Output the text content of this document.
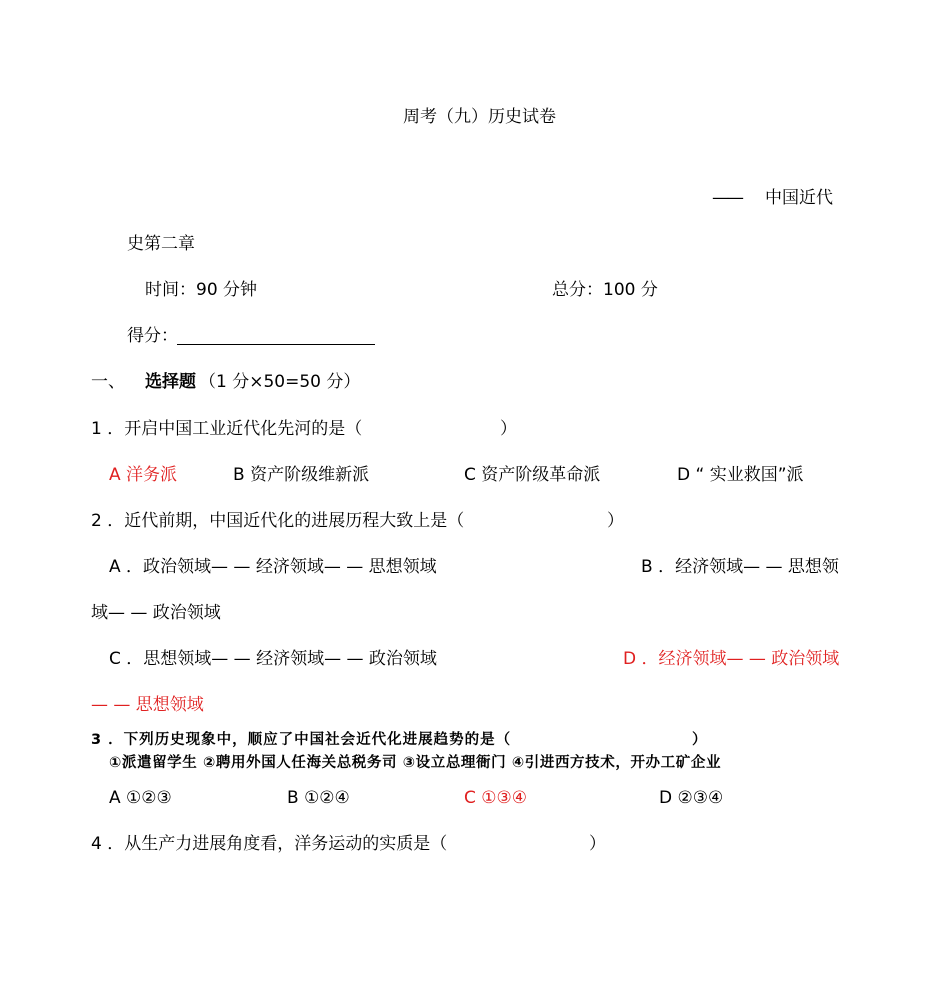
周考（九）历史试卷
—— 中国近代
史第二章
时间：90 分钟	总分：100 分
得分：
一、 选择题 （1 分×50=50 分）
1 ．开启中国工业近代化先河的是（	）
A 洋务派	B 资产阶级维新派	C 资产阶级革命派	D “ 实业救国”派
2 ．近代前期，中国近代化的进展历程大致上是（	）
A ．政治领域— — 经济领域— — 思想领域	B ．经济领域— — 思想领
域— — 政治领域
C ．思想领域— — 经济领域— — 政治领域	D ．经济领域— — 政治领域
— — 思想领域
3 ．下列历史现象中，顺应了中国社会近代化进展趋势的是（	）
①派遣留学生 ②聘用外国人任海关总税务司 ③设立总理衙门 ④引进西方技术，开办工矿企业
A ①②③	B ①②④	C ①③④	D ②③④
4 ．从生产力进展角度看，洋务运动的实质是（	）
